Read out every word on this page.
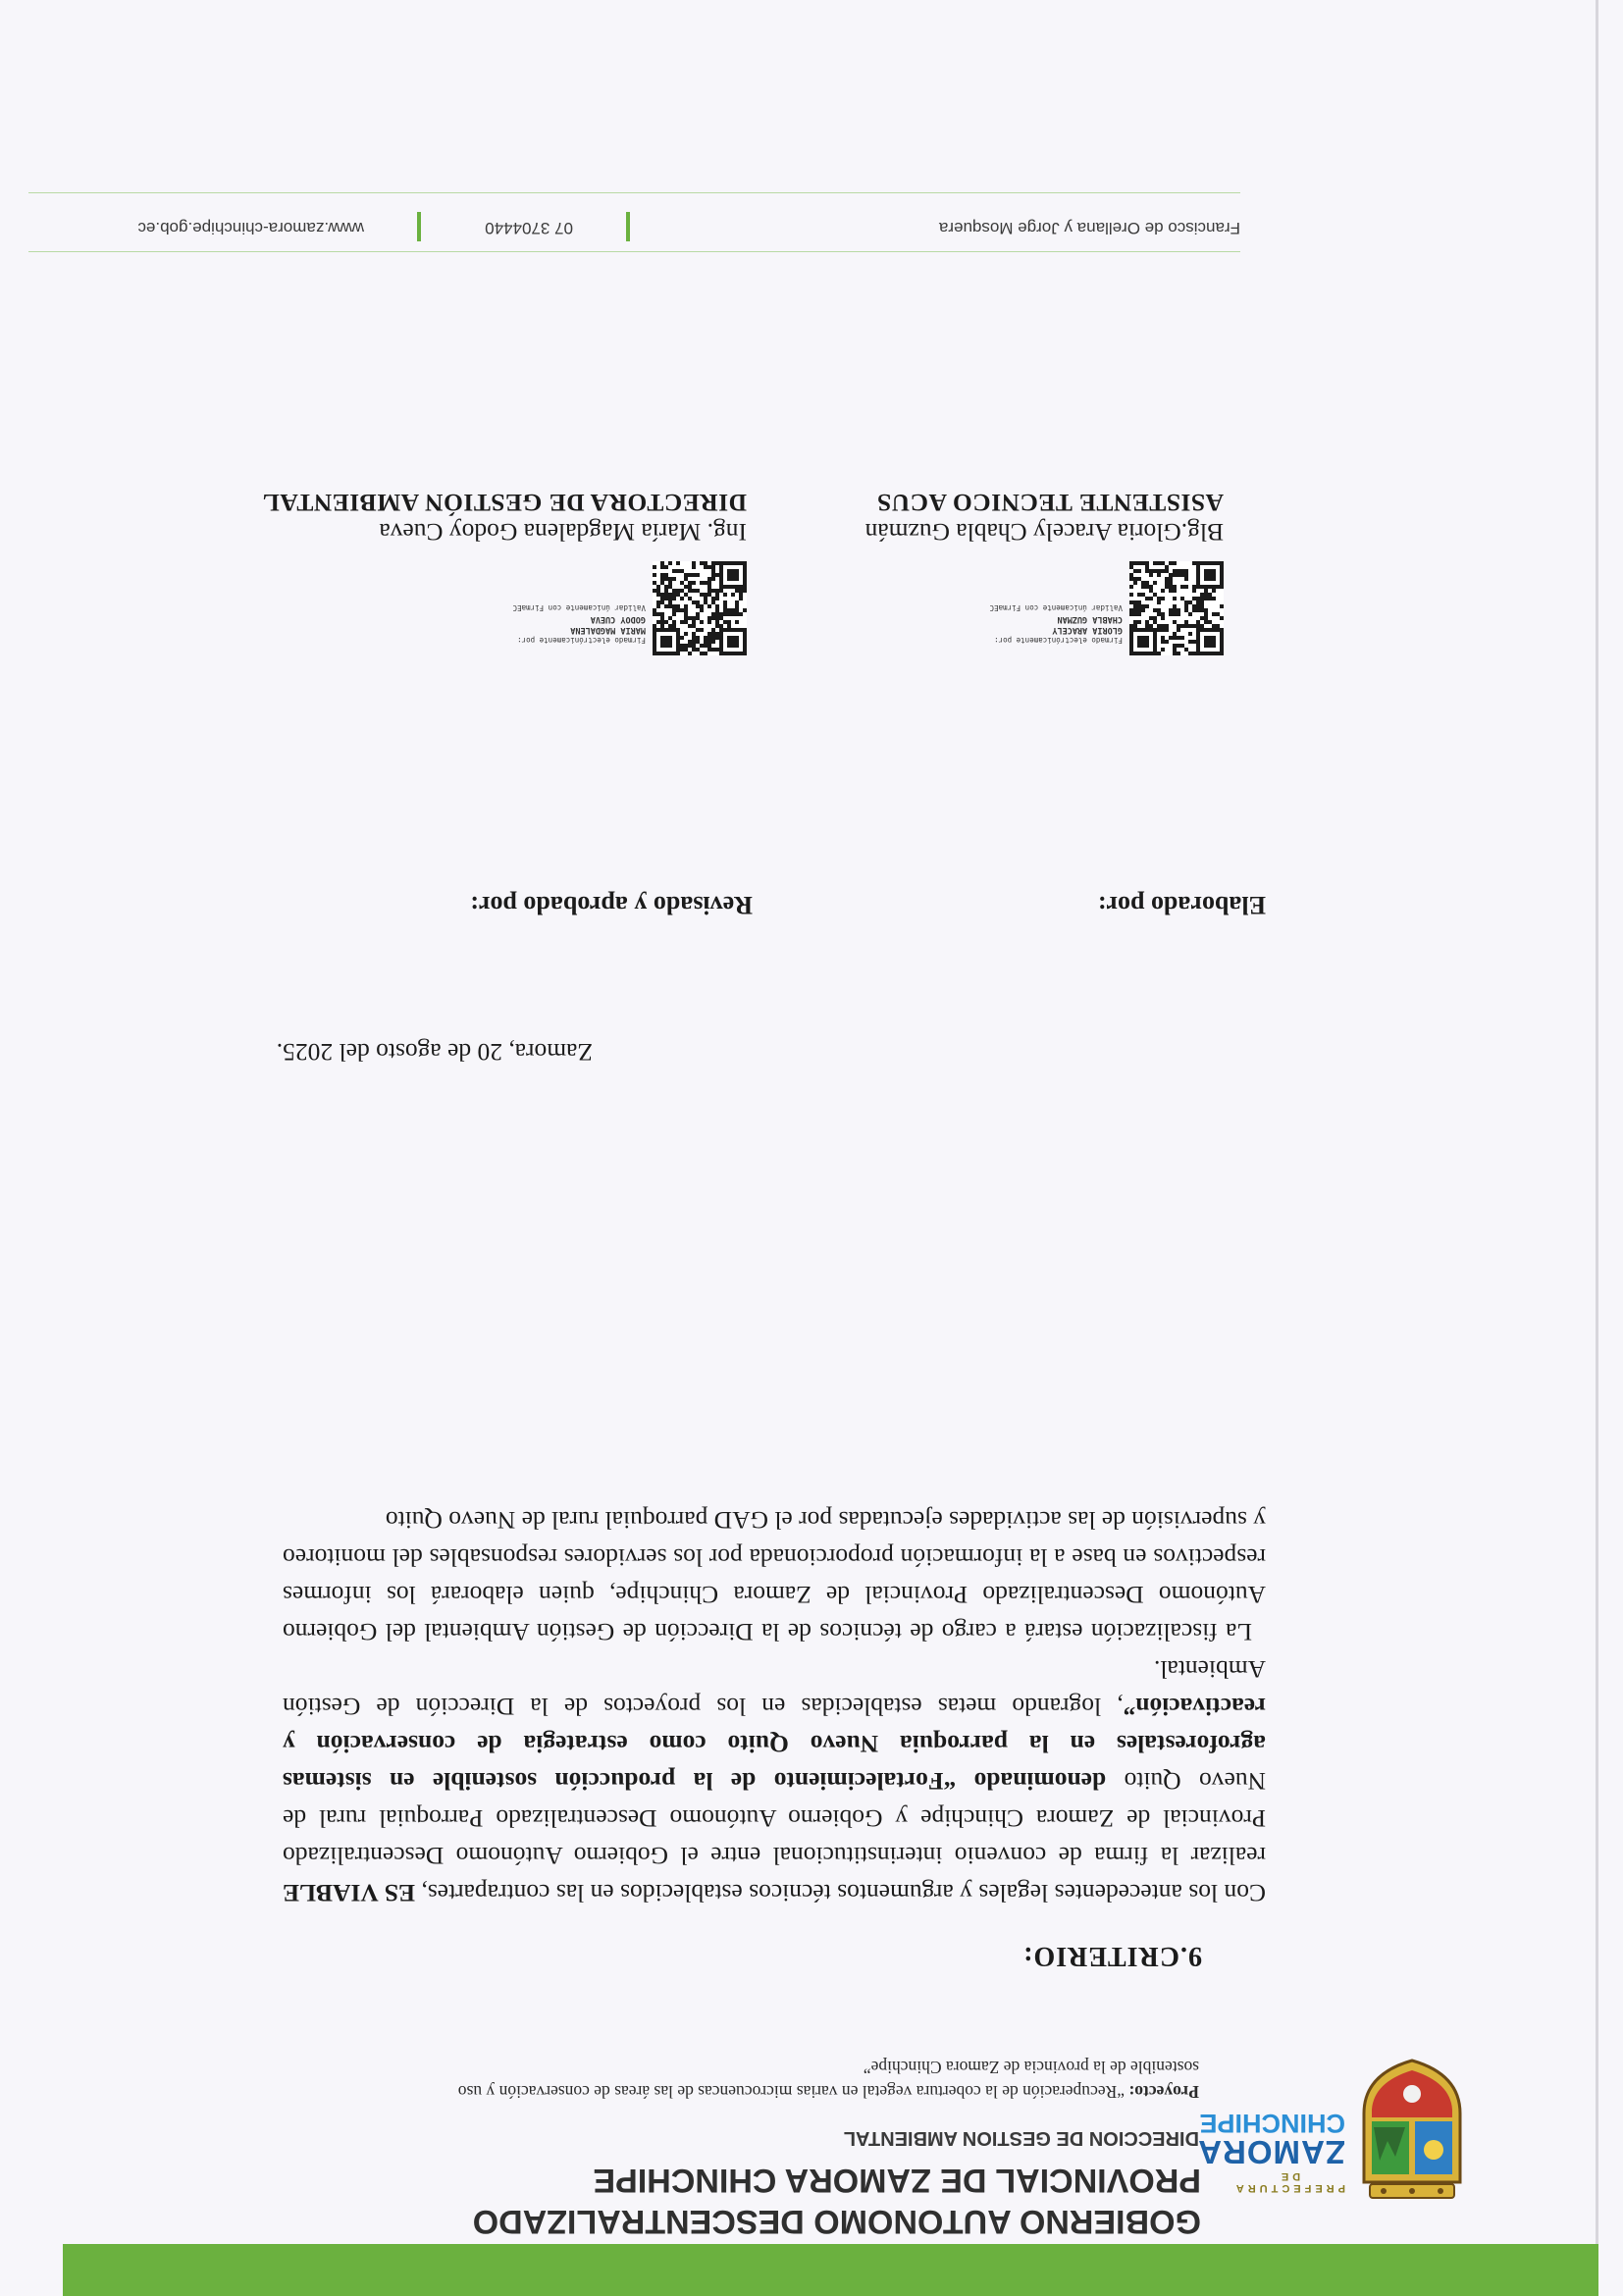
PREFECTURA DE
ZAMORA
CHINCHIPE
GOBIERNO AUTONOMO DESCENTRALIZADO
PROVINCIAL DE ZAMORA CHINCHIPE
DIRECCION DE GESTION AMBIENTAL
Proyecto: “Recuperación de la cobertura vegetal en varias microcuencas de las áreas de conservación y uso sostenible de la provincia de Zamora Chinchipe”
9.CRITERIO:

Con los antecedentes legales y argumentos técnicos establecidos en las contrapartes, ES VIABLE realizar la firma de convenio interinstitucional entre el Gobierno Autónomo Descentralizado Provincial de Zamora Chinchipe y Gobierno Autónomo Descentralizado Parroquial rural de Nuevo Quito denominado “Fortalecimiento de la producción sostenible en sistemas agroforestales en la parroquia Nuevo Quito como estrategia de conservación y reactivación”, logrando metas establecidas en los proyectos de la Dirección de Gestión Ambiental.

La fiscalización estará a cargo de técnicos de la Dirección de Gestión Ambiental del Gobierno Autónomo Descentralizado Provincial de Zamora Chinchipe, quien elaborará los informes respectivos en base a la información proporcionada por los servidores responsables del monitoreo y supervisión de las actividades ejecutadas por el GAD parroquial rural de Nuevo Quito

Zamora, 20 de agosto del 2025.
Elaborado por:
Revisado y aprobado por:
Firmado electrónicamente por:
GLORIA ARACELY
CHABLA GUZMAN
Validar únicamente con FirmaEC
Firmado electrónicamente por:
MARIA MAGDALENA
GODOY CUEVA
Validar únicamente con FirmaEC
Blg.Gloria Aracely Chabla Guzmán
ASISTENTE TECNICO ACUS
Ing. María Magdalena Godoy Cueva
DIRECTORA DE GESTIÓN AMBIENTAL
Francisco de Orellana y Jorge Mosquera
07 3704440
www.zamora-chinchipe.gob.ec
